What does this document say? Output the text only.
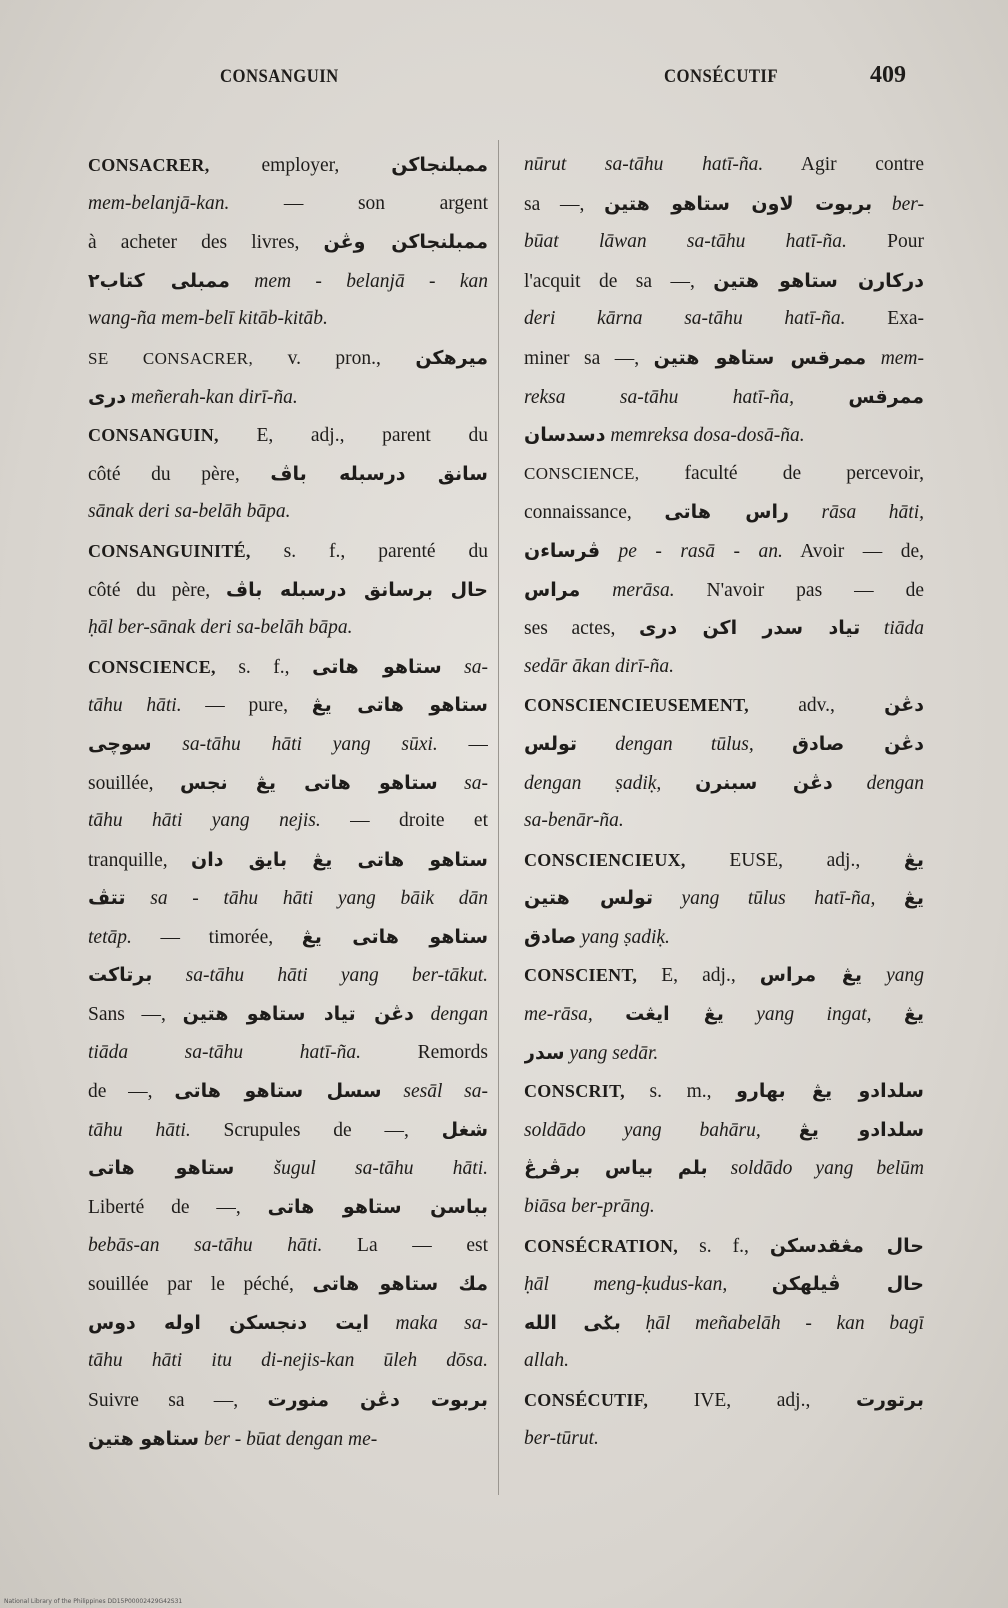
CONSANGUIN	CONSÉCUTIF	409
CONSACRER, employer, ممبلنجاكن
mem-belanjā-kan. — son argent
à acheter des livres, ممبلنجاكن وڠن
ممبلی كتاب٢ mem - belanjā - kan
wang-ña mem-belī kitāb-kitāb.
SE CONSACRER, v. pron., ميرهكن
دری meñerah-kan dirī-ña.
CONSANGUIN, E, adj., parent du
côté du père, سانق درسبله باڤ
sānak deri sa-belāh bāpa.
CONSANGUINITÉ, s. f., parenté du
côté du père, حال برسانق درسبله باڤ
ḥāl ber-sānak deri sa-belāh bāpa.
CONSCIENCE, s. f., ستاهو هاتی sa-
tāhu hāti. — pure, ستاهو هاتی يڠ
سوچی sa-tāhu hāti yang sūxi. —
souillée, ستاهو هاتی يڠ نجس sa-
tāhu hāti yang nejis. — droite et
tranquille, ستاهو هاتی يڠ بايق دان
تتڤ sa - tāhu hāti yang bāik dān
tetāp. — timorée, ستاهو هاتی يڠ
برتاكت sa-tāhu hāti yang ber-tākut.
Sans —, دڠن تياد ستاهو هتين dengan
tiāda sa-tāhu hatī-ña. Remords
de —, سسل ستاهو هاتی sesāl sa-
tāhu hāti. Scrupules de —, شغل
ستاهو هاتی šugul sa-tāhu hāti.
Liberté de —, بباسن ستاهو هاتی
bebās-an sa-tāhu hāti. La — est
souillée par le péché, مك ستاهو هاتی
ايت دنجسكن اوله دوس maka sa-
tāhu hāti itu di-nejis-kan ūleh dōsa.
Suivre sa —, بربوت دڠن منورت
ستاهو هتين ber - būat dengan me-
nūrut sa-tāhu hatī-ña. Agir contre
sa —, بربوت لاون ستاهو هتين ber-
būat lāwan sa-tāhu hatī-ña. Pour
l'acquit de sa —, دركارن ستاهو هتين
deri kārna sa-tāhu hatī-ña. Exa-
miner sa —, ممرقس ستاهو هتين mem-
reksa sa-tāhu hatī-ña,	ممرقس
دسدسان memreksa dosa-dosā-ña.
CONSCIENCE, faculté de percevoir,
connaissance, راس هاتی rāsa hāti,
ڤرساءن pe - rasā - an. Avoir — de,
مراس merāsa. N'avoir pas — de
ses actes, تياد سدر اكن دری tiāda
sedār ākan dirī-ña.
CONSCIENCIEUSEMENT, adv., دڠن
تولس dengan tūlus, دڠن صادق
dengan ṣadiḳ, دڠن سبنرن dengan
sa-benār-ña.
CONSCIENCIEUX, EUSE, adj., يڠ
تولس هتين yang tūlus hatī-ña, يڠ
صادق yang ṣadiḳ.
CONSCIENT, E, adj., يڠ مراس yang
me-rāsa, يڠ ايڠت yang ingat, يڠ
سدر yang sedār.
CONSCRIT, s. m., سلدادو يڠ بهارو
soldādo yang bahāru, سلدادو يڠ
بلم بياس برڤرڠ soldādo yang belūm
biāsa ber-prāng.
CONSÉCRATION, s. f., حال مڠقدسكن
ḥāl meng-ḳudus-kan, حال ڤيلهكن
بݢی الله ḥāl meñabelāh - kan bagī
allah.
CONSÉCUTIF, IVE, adj., برتورت
ber-tūrut.
National Library of the Philippines DD15P00002429G42S31
